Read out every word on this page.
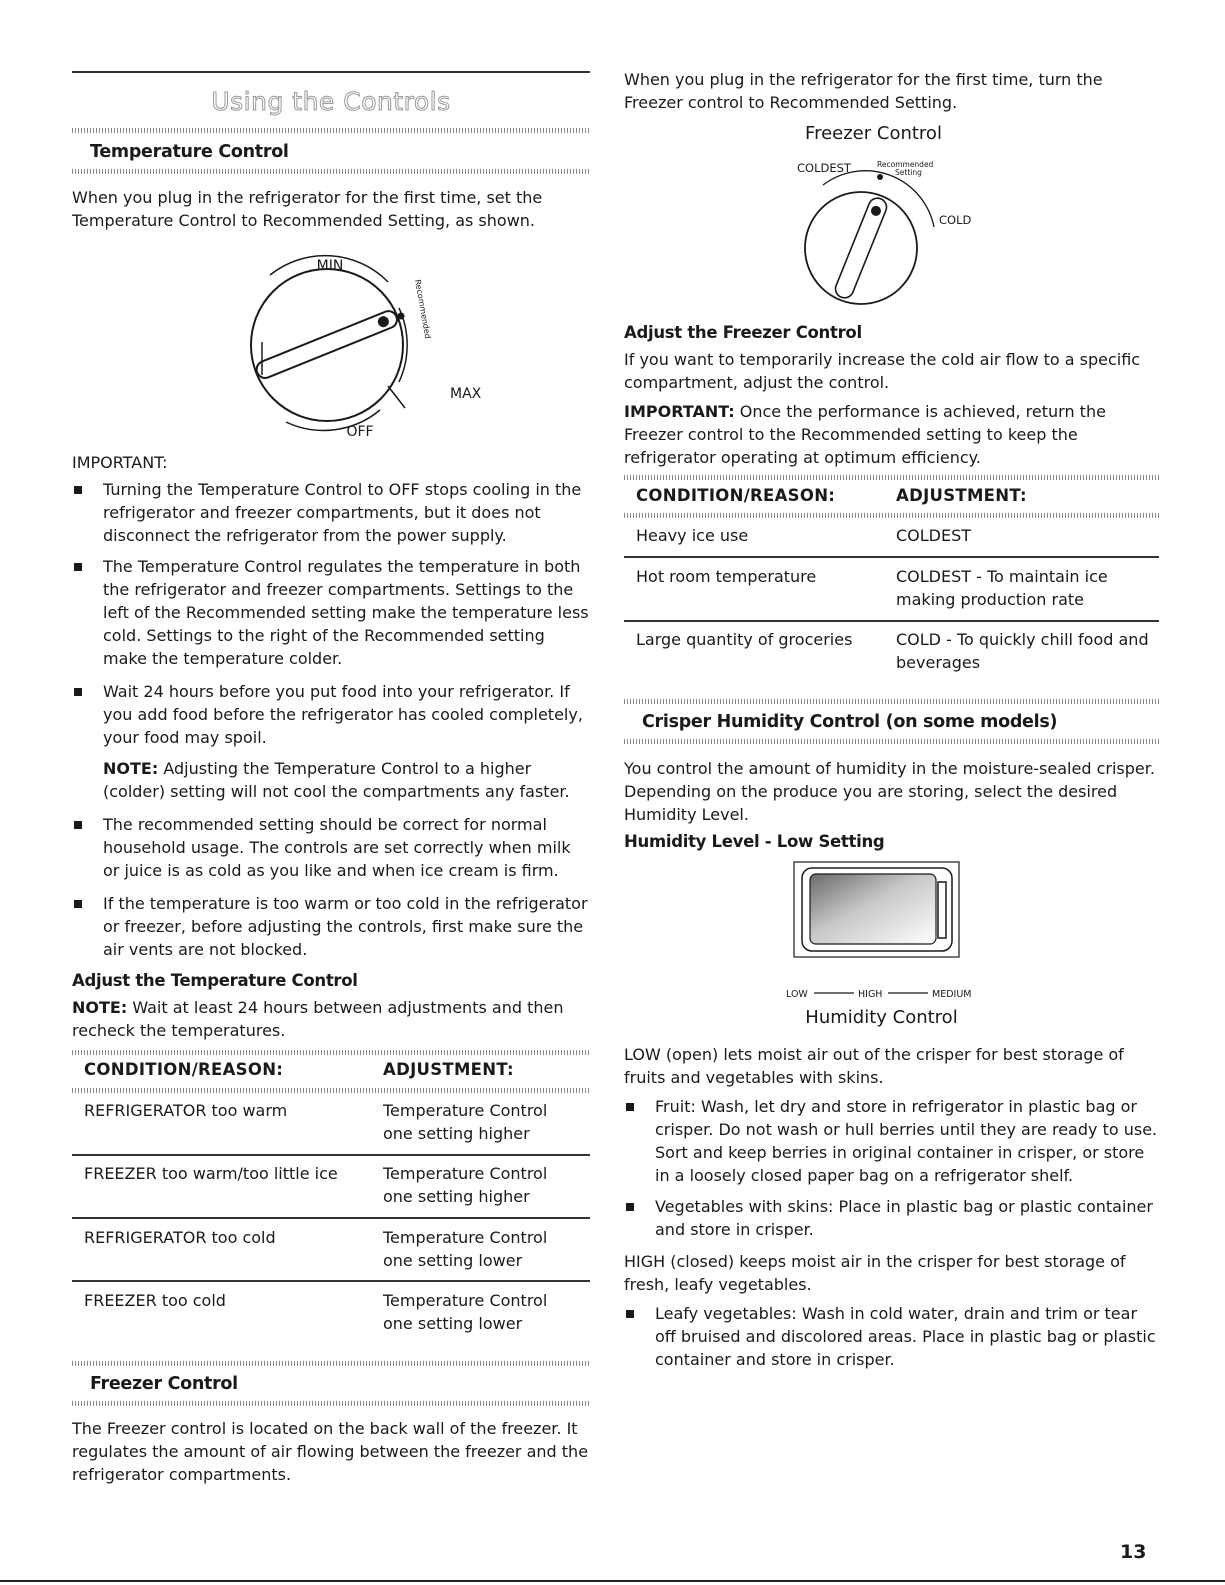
Using the Controls
Temperature Control

When you plug in the refrigerator for the first time, set the Temperature Control to Recommended Setting, as shown.

MIN
Recommended
MAX
OFF
IMPORTANT:
Turning the Temperature Control to OFF stops cooling in the refrigerator and freezer compartments, but it does not disconnect the refrigerator from the power supply.
The Temperature Control regulates the temperature in both the refrigerator and freezer compartments. Settings to the left of the Recommended setting make the temperature less cold. Settings to the right of the Recommended setting make the temperature colder.
Wait 24 hours before you put food into your refrigerator. If you add food before the refrigerator has cooled completely, your food may spoil.
NOTE: Adjusting the Temperature Control to a higher (colder) setting will not cool the compartments any faster.
The recommended setting should be correct for normal household usage. The controls are set correctly when milk or juice is as cold as you like and when ice cream is firm.
If the temperature is too warm or too cold in the refrigerator or freezer, before adjusting the controls, first make sure the air vents are not blocked.
Adjust the Temperature Control

NOTE: Wait at least 24 hours between adjustments and then recheck the temperatures.

CONDITION/REASON:	ADJUSTMENT:
REFRIGERATOR too warm	Temperature Control one setting higher
FREEZER too warm/too little ice	Temperature Control one setting higher
REFRIGERATOR too cold	Temperature Control one setting lower
FREEZER too cold	Temperature Control one setting lower
Freezer Control

The Freezer control is located on the back wall of the freezer. It regulates the amount of air flowing between the freezer and the refrigerator compartments.

When you plug in the refrigerator for the first time, turn the Freezer control to Recommended Setting.

Freezer Control
COLDEST	Recommended
Setting
COLD
Adjust the Freezer Control

If you want to temporarily increase the cold air flow to a specific compartment, adjust the control.

IMPORTANT: Once the performance is achieved, return the Freezer control to the Recommended setting to keep the refrigerator operating at optimum efficiency.

CONDITION/REASON:	ADJUSTMENT:
Heavy ice use	COLDEST
Hot room temperature	COLDEST - To maintain ice making production rate
Large quantity of groceries	COLD - To quickly chill food and beverages
Crisper Humidity Control (on some models)

You control the amount of humidity in the moisture-sealed crisper. Depending on the produce you are storing, select the desired Humidity Level.

Humidity Level - Low Setting
LOW	HIGH	MEDIUM
Humidity Control

LOW (open) lets moist air out of the crisper for best storage of fruits and vegetables with skins.

Fruit: Wash, let dry and store in refrigerator in plastic bag or crisper. Do not wash or hull berries until they are ready to use. Sort and keep berries in original container in crisper, or store in a loosely closed paper bag on a refrigerator shelf.
Vegetables with skins: Place in plastic bag or plastic container and store in crisper.

HIGH (closed) keeps moist air in the crisper for best storage of fresh, leafy vegetables.

Leafy vegetables: Wash in cold water, drain and trim or tear off bruised and discolored areas. Place in plastic bag or plastic container and store in crisper.
13
